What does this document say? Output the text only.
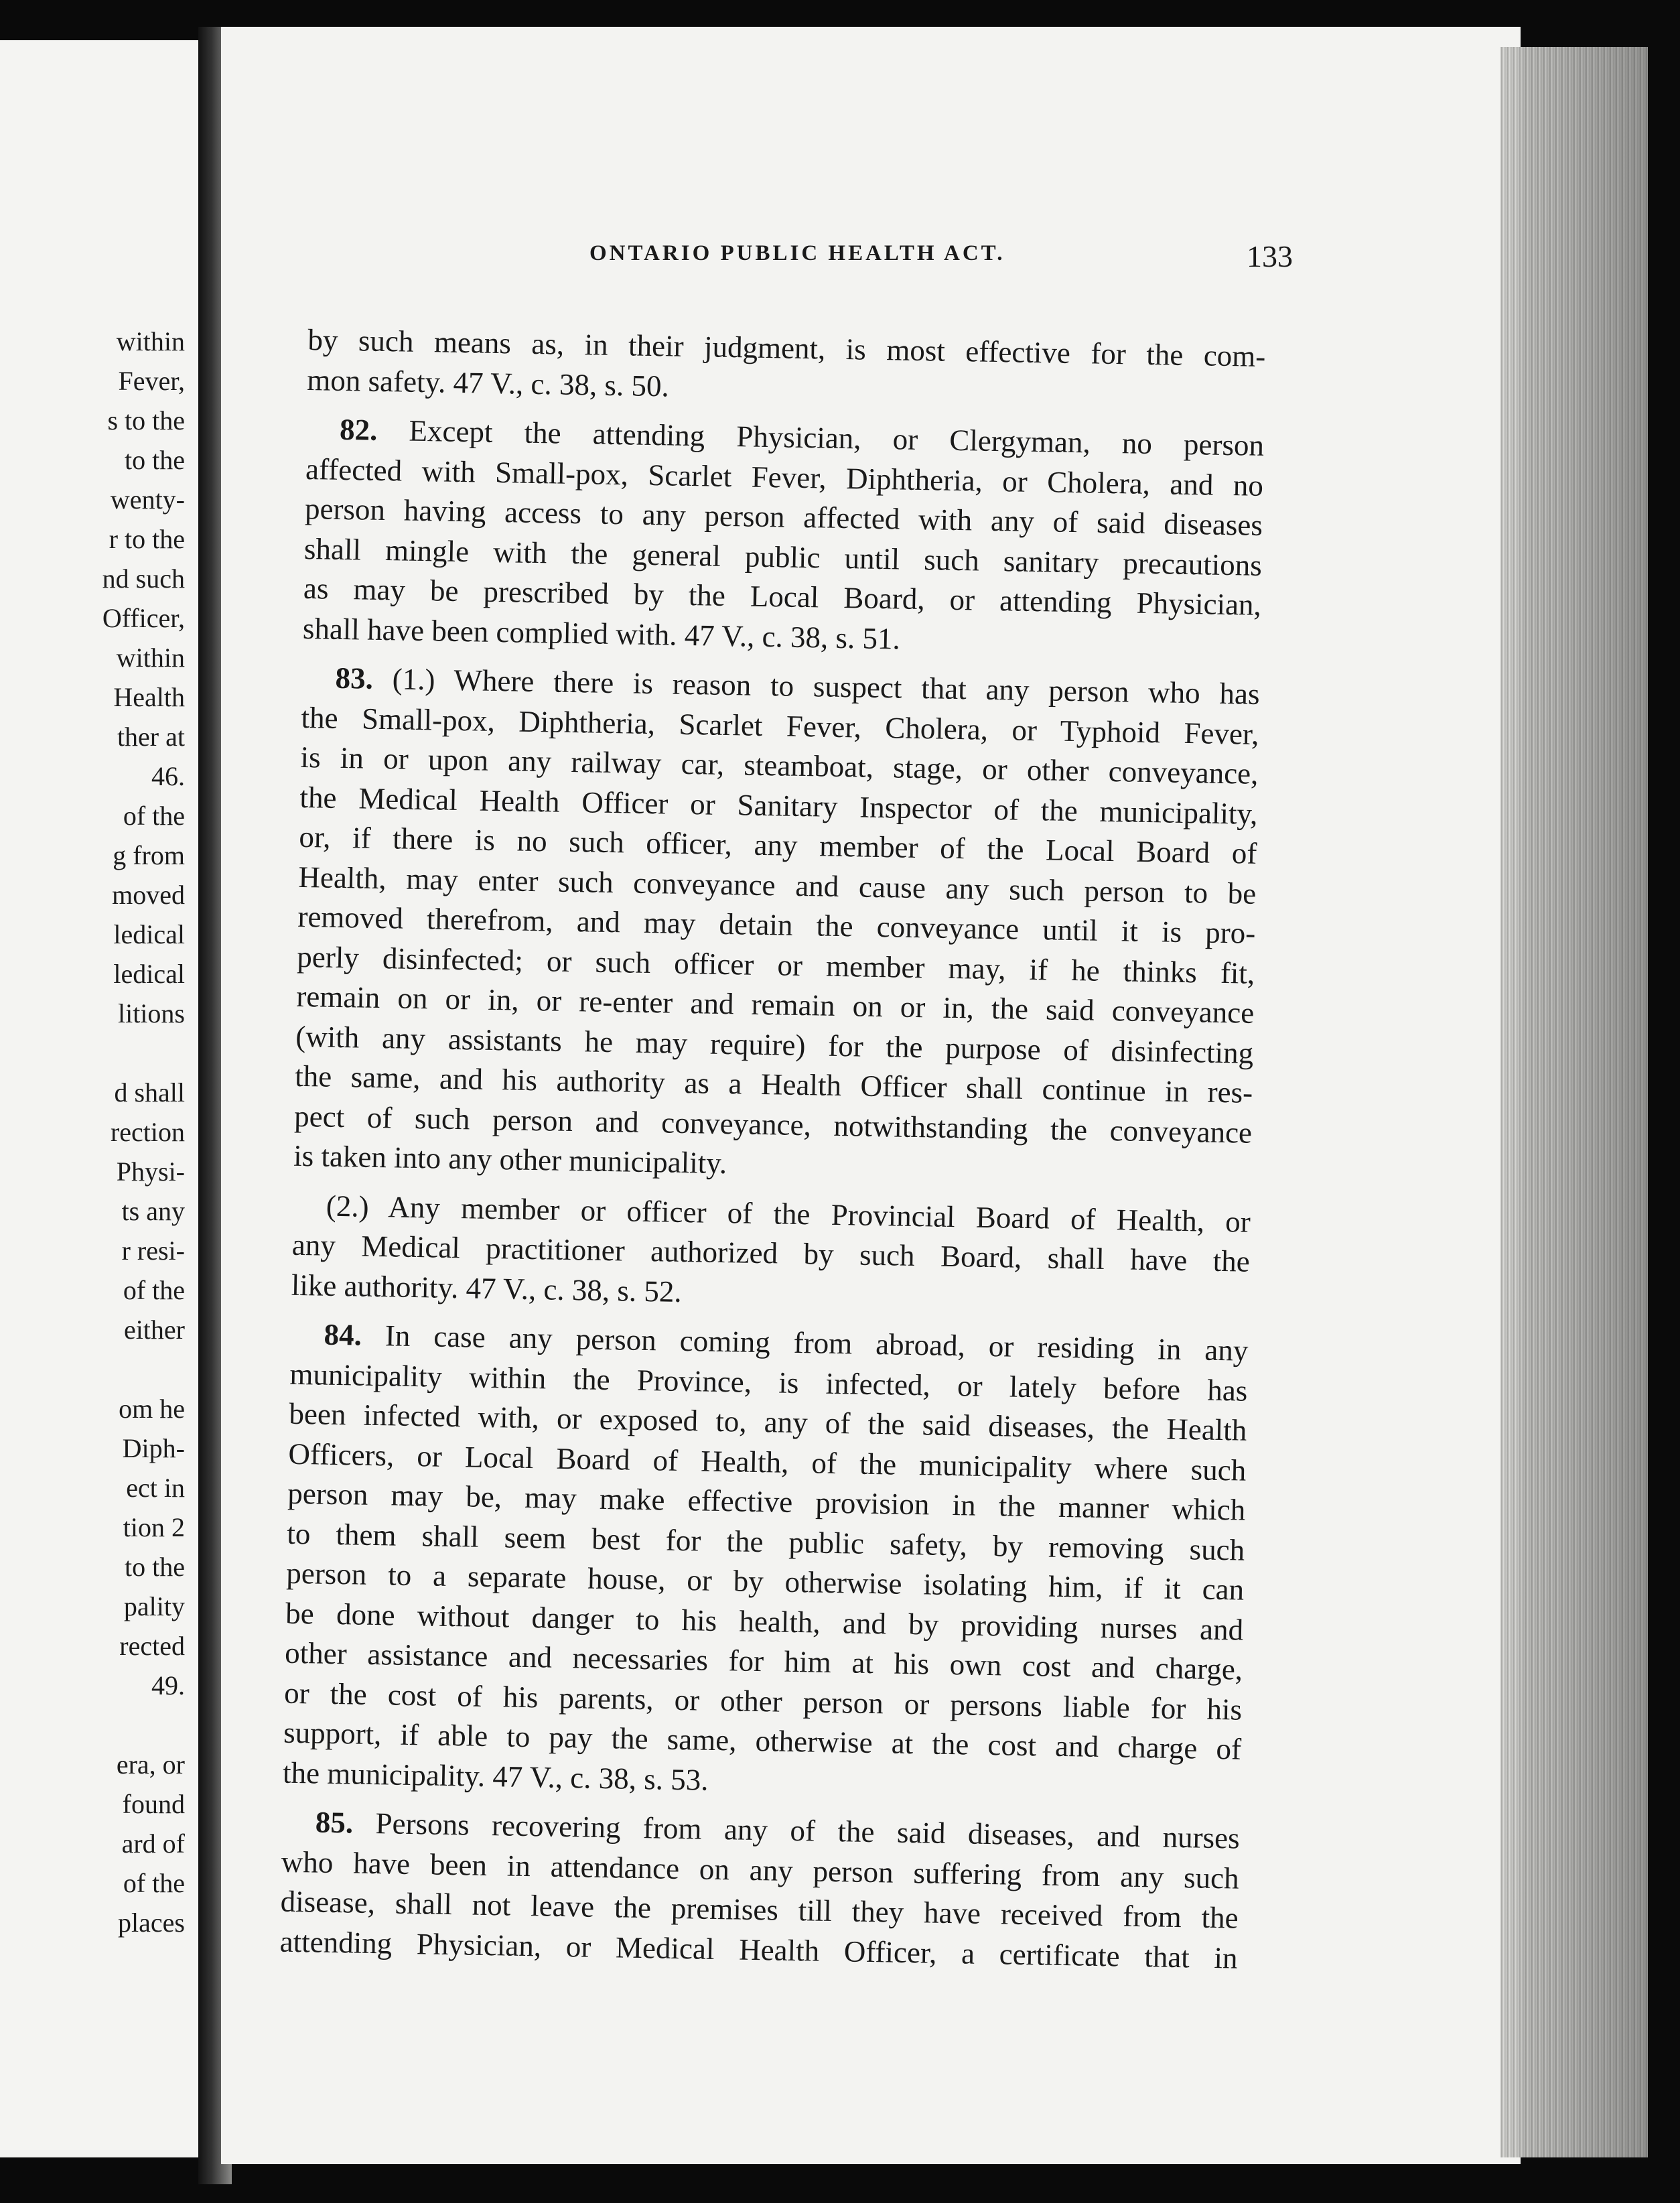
within
Fever,
s to the
to the
wenty-
r to the
nd such
Officer,
within
Health
ther at
46.
of the
g from
moved
ledical
ledical
litions
d shall
rection
Physi-
ts any
r resi-
of the
either
om he
Diph-
ect in
tion 2
to the
pality
rected
49.
era, or
found
ard of
of the
places
ONTARIO PUBLIC HEALTH ACT.	133
by such means as, in their judgment, is most effective for the com-
mon safety. 47 V., c. 38, s. 50.
82. Except the attending Physician, or Clergyman, no person
affected with Small-pox, Scarlet Fever, Diphtheria, or Cholera, and no
person having access to any person affected with any of said diseases
shall mingle with the general public until such sanitary precautions
as may be prescribed by the Local Board, or attending Physician,
shall have been complied with. 47 V., c. 38, s. 51.
83. (1.) Where there is reason to suspect that any person who has
the Small-pox, Diphtheria, Scarlet Fever, Cholera, or Typhoid Fever,
is in or upon any railway car, steamboat, stage, or other conveyance,
the Medical Health Officer or Sanitary Inspector of the municipality,
or, if there is no such officer, any member of the Local Board of
Health, may enter such conveyance and cause any such person to be
removed therefrom, and may detain the conveyance until it is pro-
perly disinfected; or such officer or member may, if he thinks fit,
remain on or in, or re-enter and remain on or in, the said conveyance
(with any assistants he may require) for the purpose of disinfecting
the same, and his authority as a Health Officer shall continue in res-
pect of such person and conveyance, notwithstanding the conveyance
is taken into any other municipality.
(2.) Any member or officer of the Provincial Board of Health, or
any Medical practitioner authorized by such Board, shall have the
like authority. 47 V., c. 38, s. 52.
84. In case any person coming from abroad, or residing in any
municipality within the Province, is infected, or lately before has
been infected with, or exposed to, any of the said diseases, the Health
Officers, or Local Board of Health, of the municipality where such
person may be, may make effective provision in the manner which
to them shall seem best for the public safety, by removing such
person to a separate house, or by otherwise isolating him, if it can
be done without danger to his health, and by providing nurses and
other assistance and necessaries for him at his own cost and charge,
or the cost of his parents, or other person or persons liable for his
support, if able to pay the same, otherwise at the cost and charge of
the municipality. 47 V., c. 38, s. 53.
85. Persons recovering from any of the said diseases, and nurses
who have been in attendance on any person suffering from any such
disease, shall not leave the premises till they have received from the
attending Physician, or Medical Health Officer, a certificate that in
